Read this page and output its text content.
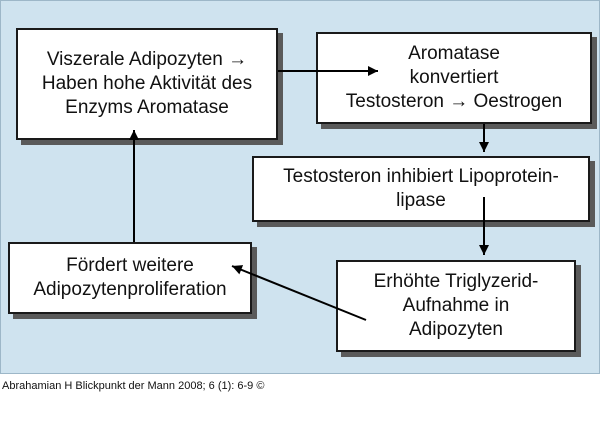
Viszerale Adipozyten →
Haben hohe Aktivität des
Enzyms Aromatase
Aromatase
konvertiert
Testosteron → Oestrogen
Testosteron inhibiert Lipoprotein-
lipase
Erhöhte Triglyzerid-
Aufnahme in
Adipozyten
Fördert weitere
Adipozytenproliferation
Abrahamian H Blickpunkt der Mann 2008; 6 (1): 6-9 ©
